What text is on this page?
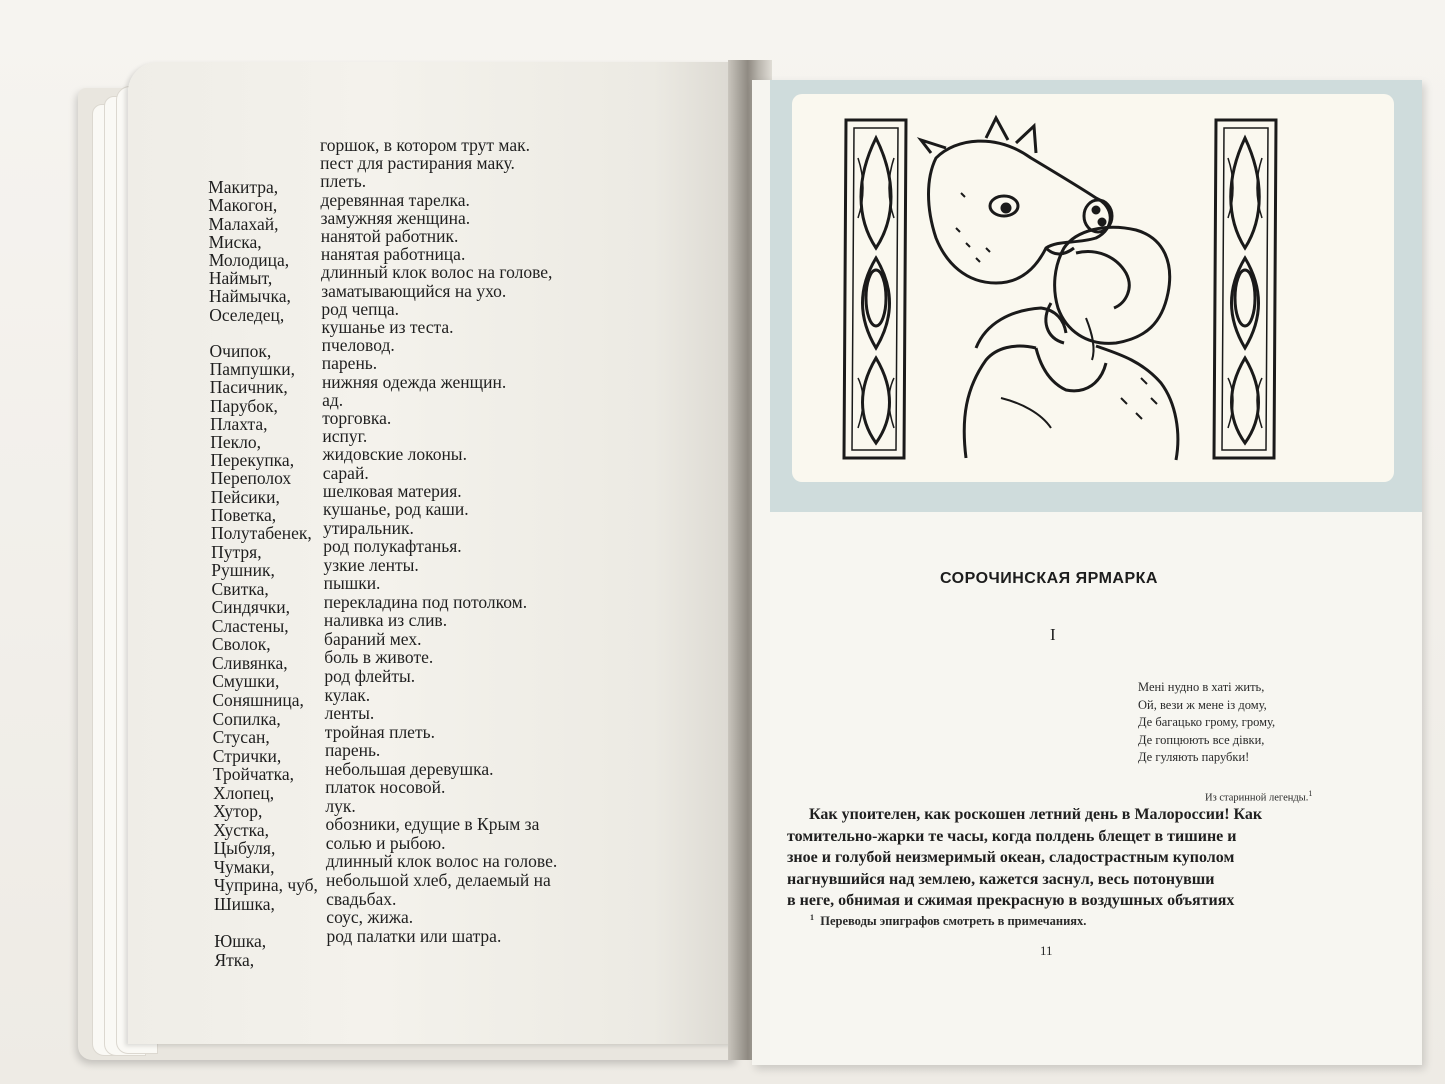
горшок, в котором трут мак.
Макитра,
пест для растирания маку.
Макогон,
плеть.
Малахай,
деревянная тарелка.
Миска,
замужняя женщина.
Молодица,
нанятой работник.
Наймыт,
нанятая работница.
Наймычка,
длинный клок волос на голове,
Оселедец,
заматывающийся на ухо.
род чепца.
Очипок,
кушанье из теста.
Пампушки,
пчеловод.
Пасичник,
парень.
Парубок,
нижняя одежда женщин.
Плахта,
ад.
Пекло,
торговка.
Перекупка,
испуг.
Переполох
жидовские локоны.
Пейсики,
сарай.
Поветка,
шелковая материя.
Полутабенек,
кушанье, род каши.
Путря,
утиральник.
Рушник,
род полукафтанья.
Свитка,
узкие ленты.
Синдячки,
пышки.
Сластены,
перекладина под потолком.
Сволок,
наливка из слив.
Сливянка,
бараний мех.
Смушки,
боль в животе.
Соняшница,
род флейты.
Сопилка,
кулак.
Стусан,
ленты.
Стрички,
тройная плеть.
Тройчатка,
парень.
Хлопец,
небольшая деревушка.
Хутор,
платок носовой.
Хустка,
лук.
Цыбуля,
обозники, едущие в Крым за
Чумаки,
солью и рыбою.
Чуприна, чуб,
длинный клок волос на голове.
Шишка,
небольшой хлеб, делаемый на
свадьбах.
Юшка,
соус, жижа.
Ятка,
род палатки или шатра.
СОРОЧИНСКАЯ ЯРМАРКА
I
Мені нудно в хаті жить,
Ой, вези ж мене із дому,
Де багацько грому, грому,
Де гопцюють все дівки,
Де гуляють парубки!
Из старинной легенды.$^1$
Как упоителен, как роскошен летний день в Малороссии! Как
томительно-жарки те часы, когда полдень блещет в тишине и
зное и голубой неизмеримый океан, сладострастным куполом
нагнувшийся над землею, кажется заснул, весь потонувши
в неге, обнимая и сжимая прекрасную в воздушных объятиях
$^1$ Переводы эпиграфов смотреть в примечаниях.
11
